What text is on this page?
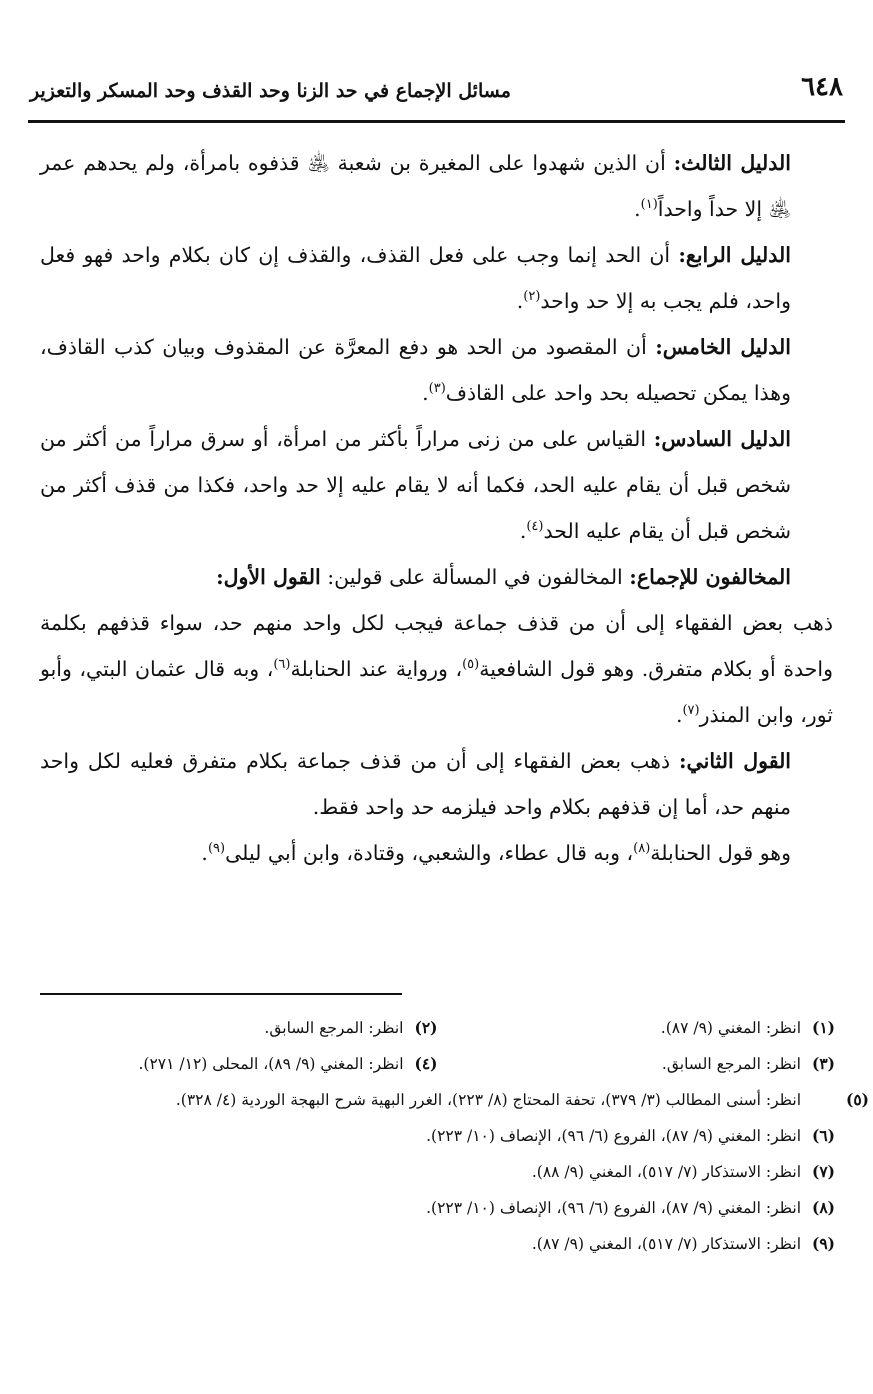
٦٤٨
مسائل الإجماع في حد الزنا وحد القذف وحد المسكر والتعزير

الدليل الثالث: أن الذين شهدوا على المغيرة بن شعبة ﵁ قذفوه بامرأة، ولم يحدهم عمر ﵁ إلا حداً واحداً$^{(١)}$.

الدليل الرابع: أن الحد إنما وجب على فعل القذف، والقذف إن كان بكلام واحد فهو فعل واحد، فلم يجب به إلا حد واحد$^{(٢)}$.

الدليل الخامس: أن المقصود من الحد هو دفع المعرَّة عن المقذوف وبيان كذب القاذف، وهذا يمكن تحصيله بحد واحد على القاذف$^{(٣)}$.

الدليل السادس: القياس على من زنى مراراً بأكثر من امرأة، أو سرق مراراً من أكثر من شخص قبل أن يقام عليه الحد، فكما أنه لا يقام عليه إلا حد واحد، فكذا من قذف أكثر من شخص قبل أن يقام عليه الحد$^{(٤)}$.

المخالفون للإجماع: المخالفون في المسألة على قولين: القول الأول:

ذهب بعض الفقهاء إلى أن من قذف جماعة فيجب لكل واحد منهم حد، سواء قذفهم بكلمة واحدة أو بكلام متفرق. وهو قول الشافعية$^{(٥)}$، ورواية عند الحنابلة$^{(٦)}$، وبه قال عثمان البتي، وأبو ثور، وابن المنذر$^{(٧)}$.

القول الثاني: ذهب بعض الفقهاء إلى أن من قذف جماعة بكلام متفرق فعليه لكل واحد منهم حد، أما إن قذفهم بكلام واحد فيلزمه حد واحد فقط.

وهو قول الحنابلة$^{(٨)}$، وبه قال عطاء، والشعبي، وقتادة، وابن أبي ليلى$^{(٩)}$.

(١)انظر: المغني (٩/ ٨٧).

(٢)انظر: المرجع السابق.

(٣)انظر: المرجع السابق.

(٤)انظر: المغني (٩/ ٨٩)، المحلى (١٢/ ٢٧١).

(٥)انظر: أسنى المطالب (٣/ ٣٧٩)، تحفة المحتاج (٨/ ٢٢٣)، الغرر البهية شرح البهجة الوردية (٤/ ٣٢٨).

(٦)انظر: المغني (٩/ ٨٧)، الفروع (٦/ ٩٦)، الإنصاف (١٠/ ٢٢٣).

(٧)انظر: الاستذكار (٧/ ٥١٧)، المغني (٩/ ٨٨).

(٨)انظر: المغني (٩/ ٨٧)، الفروع (٦/ ٩٦)، الإنصاف (١٠/ ٢٢٣).

(٩)انظر: الاستذكار (٧/ ٥١٧)، المغني (٩/ ٨٧).
